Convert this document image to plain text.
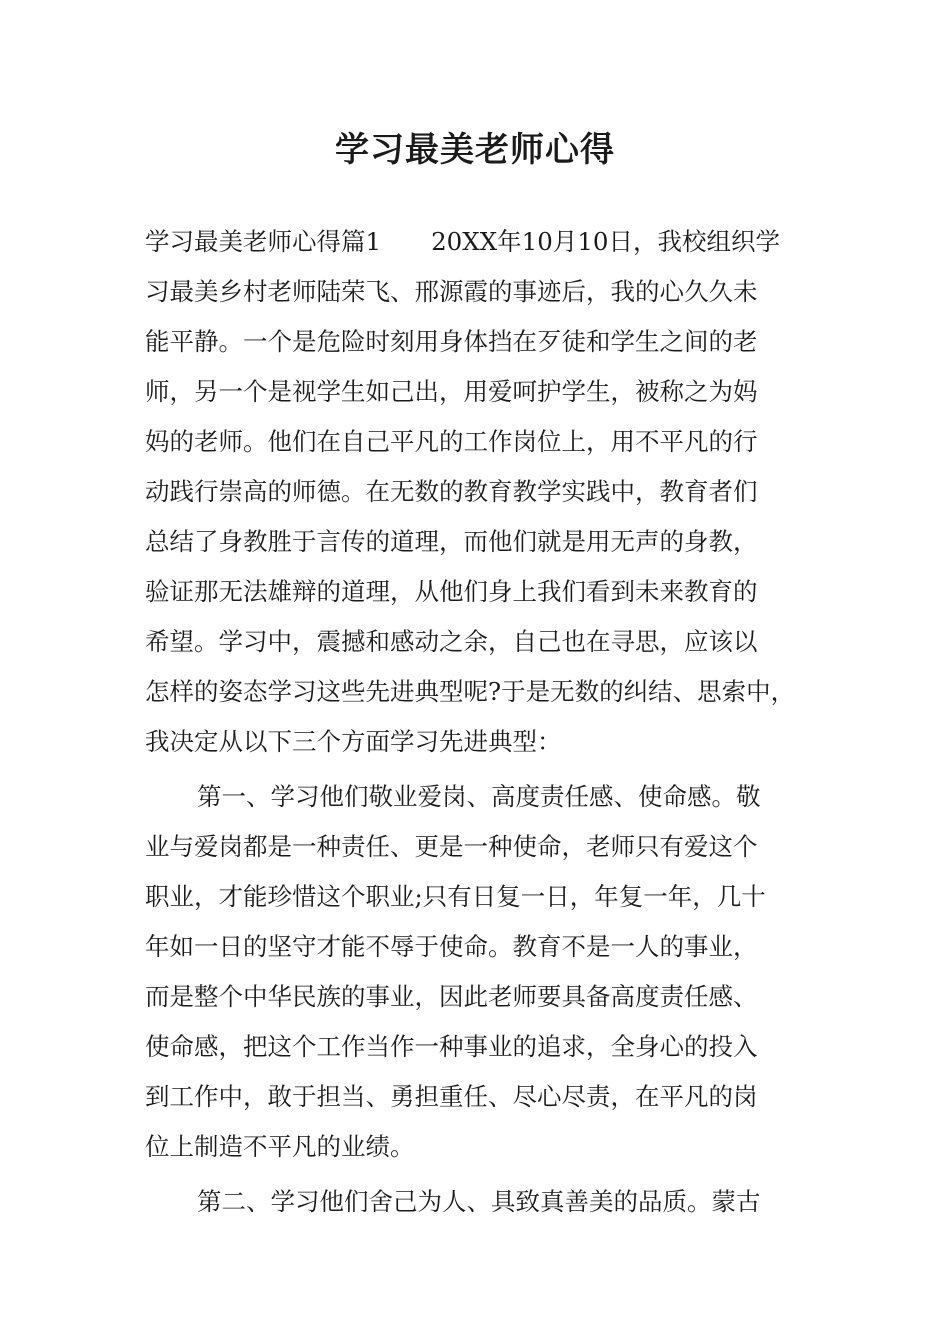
学习最美老师心得

学习最美老师心得篇1 20XX年10月10日，我校组织学

习最美乡村老师陆荣飞、邢源霞的事迹后，我的心久久未

能平静。一个是危险时刻用身体挡在歹徒和学生之间的老

师，另一个是视学生如己出，用爱呵护学生，被称之为妈

妈的老师。他们在自己平凡的工作岗位上，用不平凡的行

动践行崇高的师德。在无数的教育教学实践中，教育者们

总结了身教胜于言传的道理，而他们就是用无声的身教，

验证那无法雄辩的道理，从他们身上我们看到未来教育的

希望。学习中，震撼和感动之余，自己也在寻思，应该以

怎样的姿态学习这些先进典型呢?于是无数的纠结、思索中，

我决定从以下三个方面学习先进典型：

第一、学习他们敬业爱岗、高度责任感、使命感。敬

业与爱岗都是一种责任、更是一种使命，老师只有爱这个

职业，才能珍惜这个职业;只有日复一日，年复一年，几十

年如一日的坚守才能不辱于使命。教育不是一人的事业，

而是整个中华民族的事业，因此老师要具备高度责任感、

使命感，把这个工作当作一种事业的追求，全身心的投入

到工作中，敢于担当、勇担重任、尽心尽责，在平凡的岗

位上制造不平凡的业绩。

第二、学习他们舍己为人、具致真善美的品质。蒙古
